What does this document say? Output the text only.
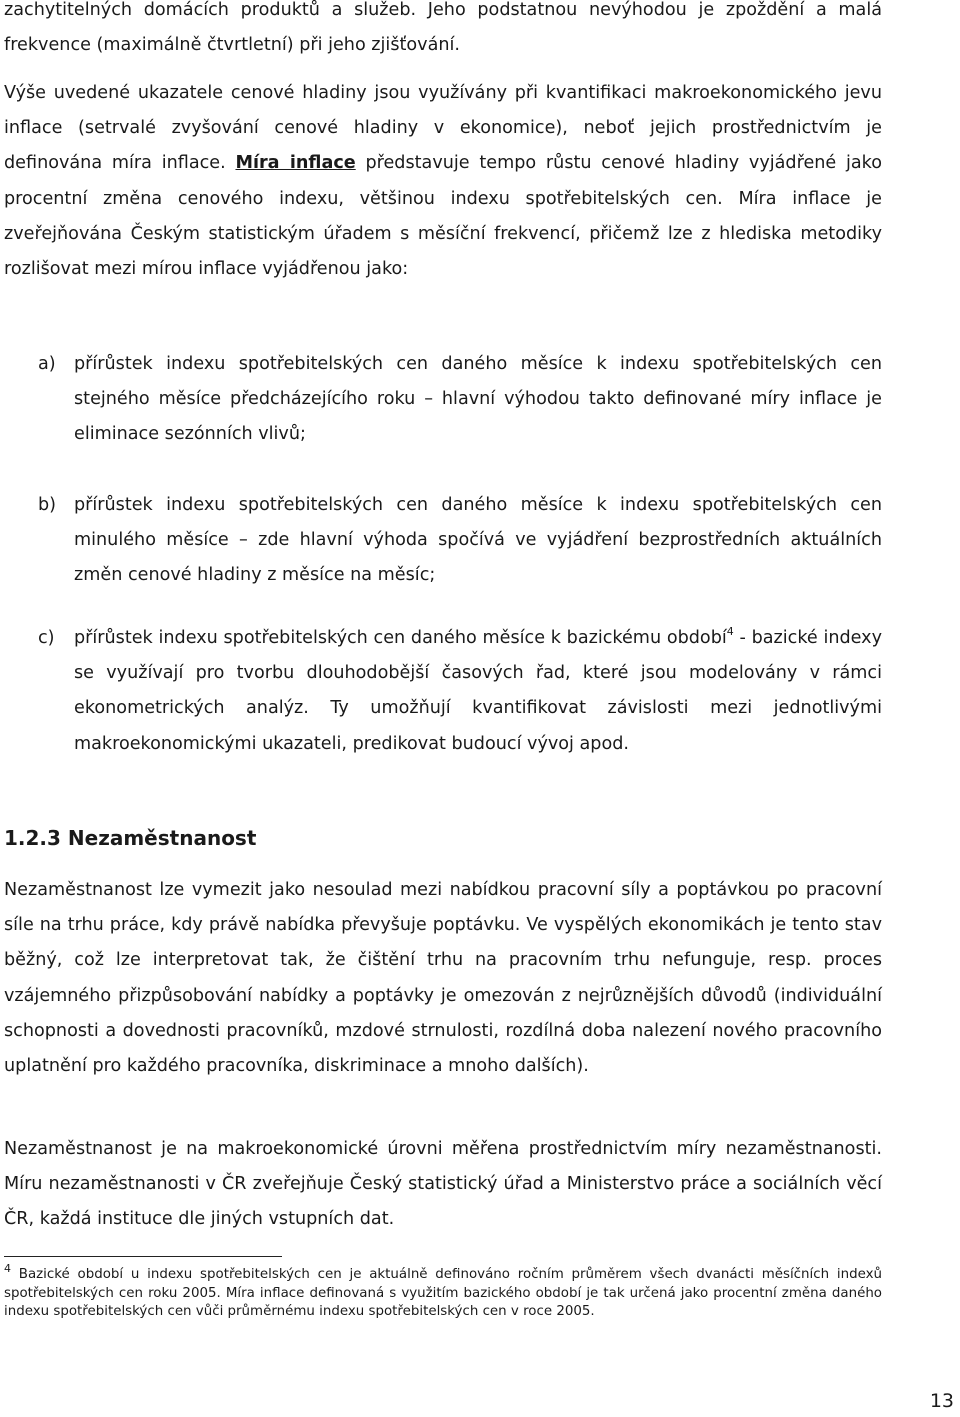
zachytitelných domácích produktů a služeb. Jeho podstatnou nevýhodou je zpoždění a malá frekvence (maximálně čtvrtletní) při jeho zjišťování.

Výše uvedené ukazatele cenové hladiny jsou využívány při kvantifikaci makroekonomického jevu inflace (setrvalé zvyšování cenové hladiny v ekonomice), neboť jejich prostřednictvím je definována míra inflace. Míra inflace představuje tempo růstu cenové hladiny vyjádřené jako procentní změna cenového indexu, většinou indexu spotřebitelských cen. Míra inflace je zveřejňována Českým statistickým úřadem s měsíční frekvencí, přičemž lze z hlediska metodiky rozlišovat mezi mírou inflace vyjádřenou jako:

a)	přírůstek indexu spotřebitelských cen daného měsíce k indexu spotřebitelských cen stejného měsíce předcházejícího roku – hlavní výhodou takto definované míry inflace je eliminace sezónních vlivů;

b)	přírůstek indexu spotřebitelských cen daného měsíce k indexu spotřebitelských cen minulého měsíce – zde hlavní výhoda spočívá ve vyjádření bezprostředních aktuálních změn cenové hladiny z měsíce na měsíc;

c)	přírůstek indexu spotřebitelských cen daného měsíce k bazickému období$^4$ - bazické indexy se využívají pro tvorbu dlouhodobější časových řad, které jsou modelovány v rámci ekonometrických analýz. Ty umožňují kvantifikovat závislosti mezi jednotlivými makroekonomickými ukazateli, predikovat budoucí vývoj apod.

1.2.3 Nezaměstnanost

Nezaměstnanost lze vymezit jako nesoulad mezi nabídkou pracovní síly a poptávkou po pracovní síle na trhu práce, kdy právě nabídka převyšuje poptávku. Ve vyspělých ekonomikách je tento stav běžný, což lze interpretovat tak, že čištění trhu na pracovním trhu nefunguje, resp. proces vzájemného přizpůsobování nabídky a poptávky je omezován z nejrůznějších důvodů (individuální schopnosti a dovednosti pracovníků, mzdové strnulosti, rozdílná doba nalezení nového pracovního uplatnění pro každého pracovníka, diskriminace a mnoho dalších).

Nezaměstnanost je na makroekonomické úrovni měřena prostřednictvím míry nezaměstnanosti. Míru nezaměstnanosti v ČR zveřejňuje Český statistický úřad a Ministerstvo práce a sociálních věcí ČR, každá instituce dle jiných vstupních dat.

$^4$ Bazické období u indexu spotřebitelských cen je aktuálně definováno ročním průměrem všech dvanácti měsíčních indexů spotřebitelských cen roku 2005. Míra inflace definovaná s využitím bazického období je tak určená jako procentní změna daného indexu spotřebitelských cen vůči průměrnému indexu spotřebitelských cen v roce 2005.

13
